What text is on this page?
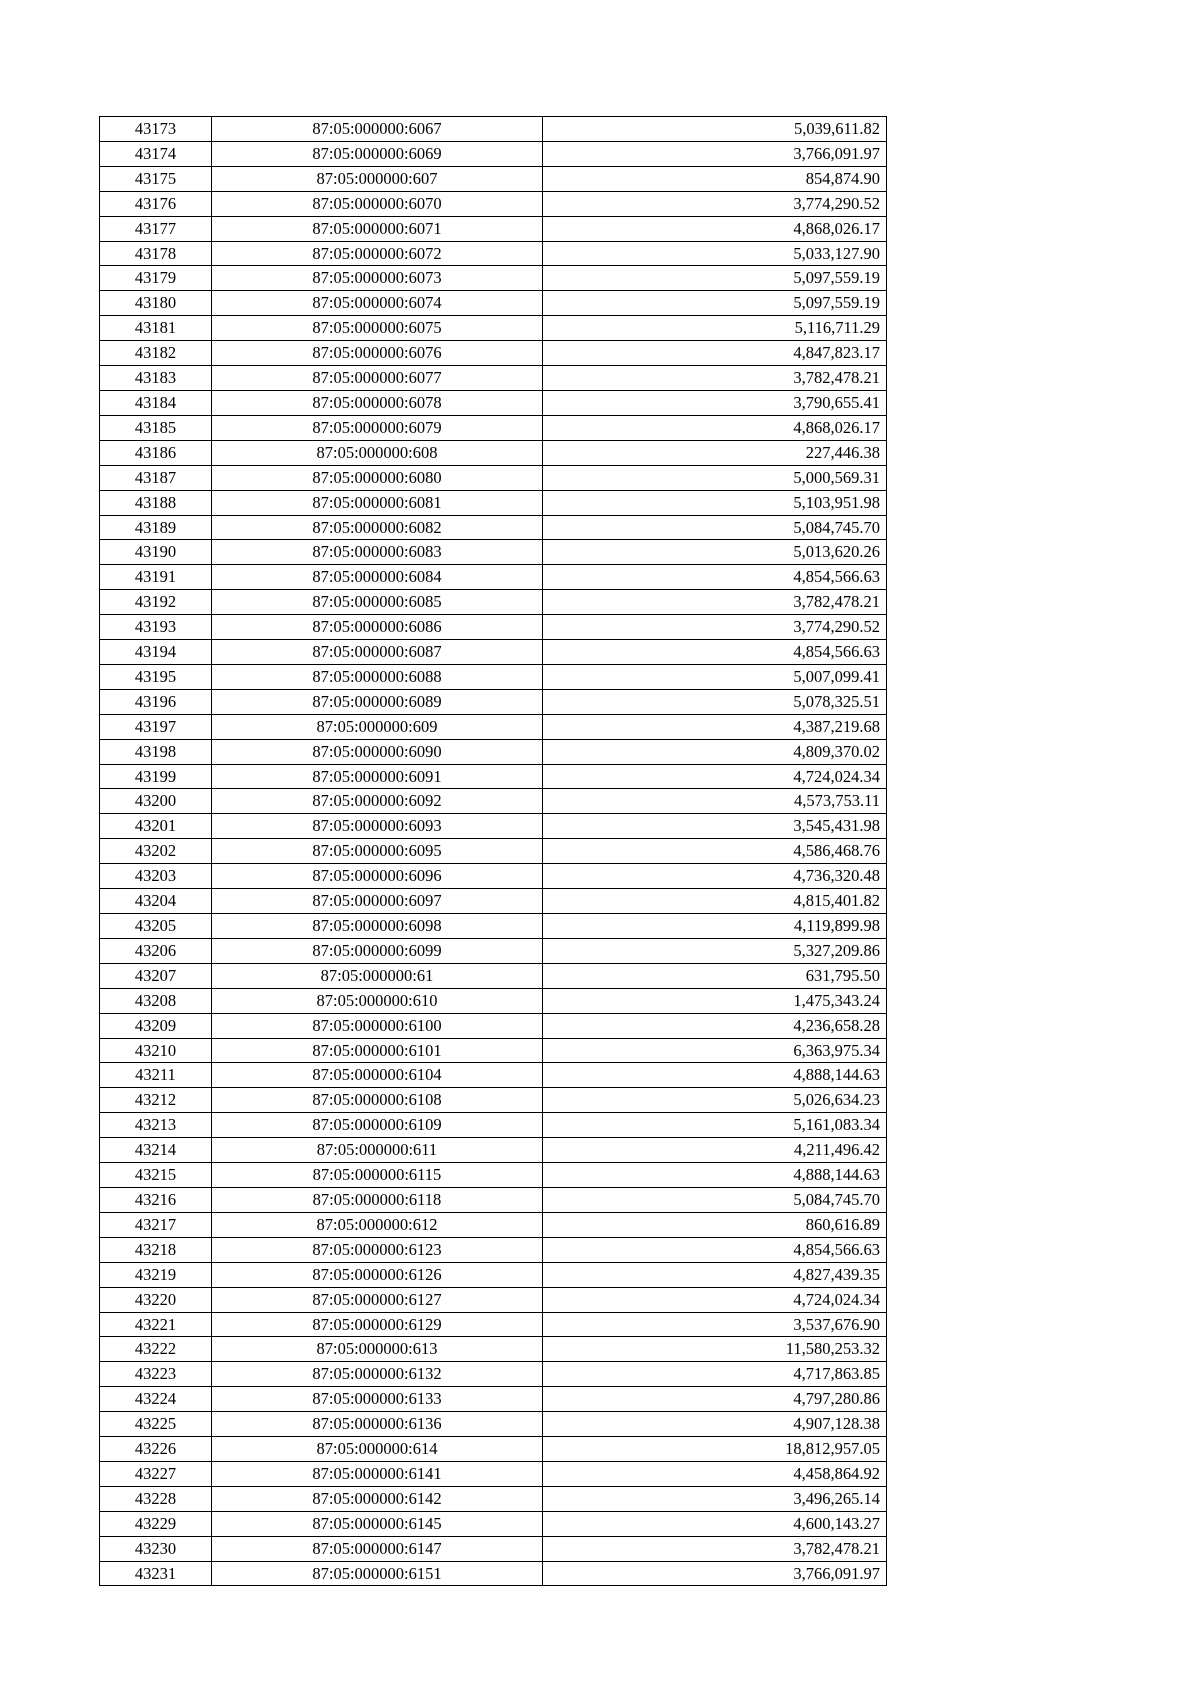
43173	87:05:000000:6067	5,039,611.82
43174	87:05:000000:6069	3,766,091.97
43175	87:05:000000:607	854,874.90
43176	87:05:000000:6070	3,774,290.52
43177	87:05:000000:6071	4,868,026.17
43178	87:05:000000:6072	5,033,127.90
43179	87:05:000000:6073	5,097,559.19
43180	87:05:000000:6074	5,097,559.19
43181	87:05:000000:6075	5,116,711.29
43182	87:05:000000:6076	4,847,823.17
43183	87:05:000000:6077	3,782,478.21
43184	87:05:000000:6078	3,790,655.41
43185	87:05:000000:6079	4,868,026.17
43186	87:05:000000:608	227,446.38
43187	87:05:000000:6080	5,000,569.31
43188	87:05:000000:6081	5,103,951.98
43189	87:05:000000:6082	5,084,745.70
43190	87:05:000000:6083	5,013,620.26
43191	87:05:000000:6084	4,854,566.63
43192	87:05:000000:6085	3,782,478.21
43193	87:05:000000:6086	3,774,290.52
43194	87:05:000000:6087	4,854,566.63
43195	87:05:000000:6088	5,007,099.41
43196	87:05:000000:6089	5,078,325.51
43197	87:05:000000:609	4,387,219.68
43198	87:05:000000:6090	4,809,370.02
43199	87:05:000000:6091	4,724,024.34
43200	87:05:000000:6092	4,573,753.11
43201	87:05:000000:6093	3,545,431.98
43202	87:05:000000:6095	4,586,468.76
43203	87:05:000000:6096	4,736,320.48
43204	87:05:000000:6097	4,815,401.82
43205	87:05:000000:6098	4,119,899.98
43206	87:05:000000:6099	5,327,209.86
43207	87:05:000000:61	631,795.50
43208	87:05:000000:610	1,475,343.24
43209	87:05:000000:6100	4,236,658.28
43210	87:05:000000:6101	6,363,975.34
43211	87:05:000000:6104	4,888,144.63
43212	87:05:000000:6108	5,026,634.23
43213	87:05:000000:6109	5,161,083.34
43214	87:05:000000:611	4,211,496.42
43215	87:05:000000:6115	4,888,144.63
43216	87:05:000000:6118	5,084,745.70
43217	87:05:000000:612	860,616.89
43218	87:05:000000:6123	4,854,566.63
43219	87:05:000000:6126	4,827,439.35
43220	87:05:000000:6127	4,724,024.34
43221	87:05:000000:6129	3,537,676.90
43222	87:05:000000:613	11,580,253.32
43223	87:05:000000:6132	4,717,863.85
43224	87:05:000000:6133	4,797,280.86
43225	87:05:000000:6136	4,907,128.38
43226	87:05:000000:614	18,812,957.05
43227	87:05:000000:6141	4,458,864.92
43228	87:05:000000:6142	3,496,265.14
43229	87:05:000000:6145	4,600,143.27
43230	87:05:000000:6147	3,782,478.21
43231	87:05:000000:6151	3,766,091.97
